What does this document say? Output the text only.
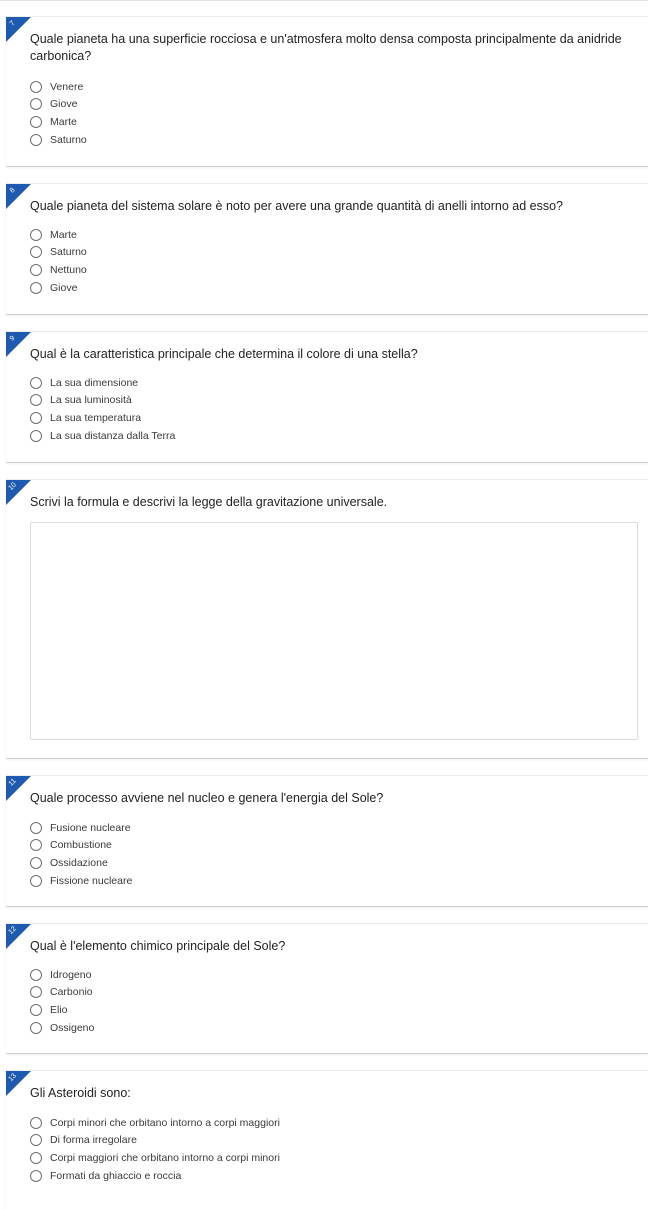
7
Quale pianeta ha una superficie rocciosa e un'atmosfera molto densa composta principalmente da anidride carbonica?
Venere
Giove
Marte
Saturno
8
Quale pianeta del sistema solare è noto per avere una grande quantità di anelli intorno ad esso?
Marte
Saturno
Nettuno
Giove
9
Qual è la caratteristica principale che determina il colore di una stella?
La sua dimensione
La sua luminosità
La sua temperatura
La sua distanza dalla Terra
10
Scrivi la formula e descrivi la legge della gravitazione universale.
11
Quale processo avviene nel nucleo e genera l'energia del Sole?
Fusione nucleare
Combustione
Ossidazione
Fissione nucleare
12
Qual è l'elemento chimico principale del Sole?
Idrogeno
Carbonio
Elio
Ossigeno
13
Gli Asteroidi sono:
Corpi minori che orbitano intorno a corpi maggiori
Di forma irregolare
Corpi maggiori che orbitano intorno a corpi minori
Formati da ghiaccio e roccia
